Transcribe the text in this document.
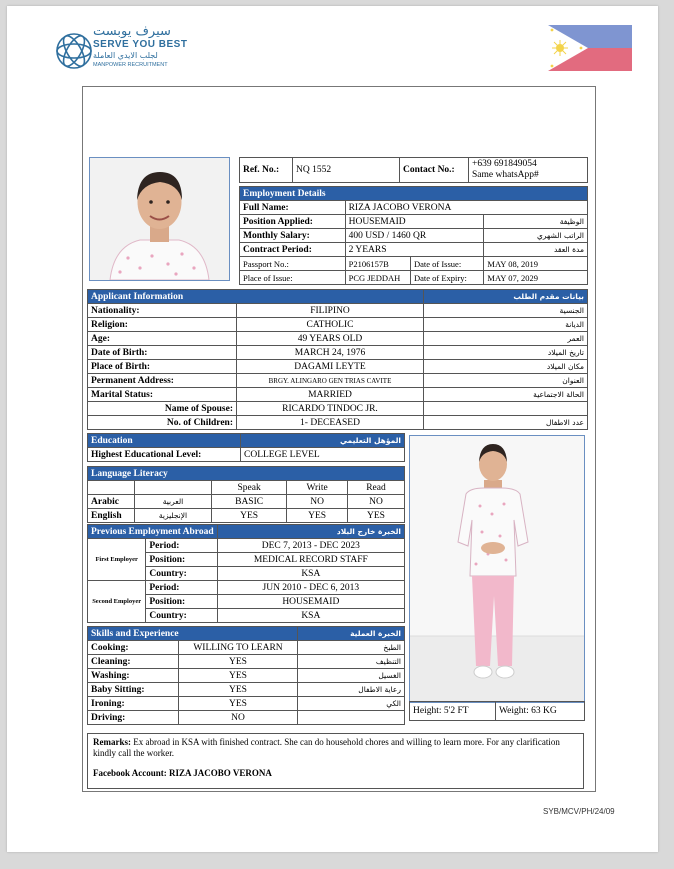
سيرف يوبست
SERVE YOU BEST
لجلب الايدي العاملة
MANPOWER RECRUITMENT
Ref. No.:	NQ 1552	Contact No.:	+639 691849054
Same whatsApp#
Employment Details			
Full Name:	RIZA JACOBO VERONA		
Position Applied:	HOUSEMAID		الوظيفة
Monthly Salary:	400 USD / 1460 QR		الراتب الشهري
Contract Period:	2 YEARS		مدة العقد
Passport No.:	P2106157B	Date of Issue:	MAY 08, 2019
Place of Issue:	PCG JEDDAH	Date of Expiry:	MAY 07, 2029
Applicant Information		بيانات مقدم الطلب
Nationality:	FILIPINO	الجنسية
Religion:	CATHOLIC	الديانة
Age:	49 YEARS OLD	العمر
Date of Birth:	MARCH 24, 1976	تاريخ الميلاد
Place of Birth:	DAGAMI LEYTE	مكان الميلاد
Permanent Address:	BRGY. ALINGARO GEN TRIAS CAVITE	العنوان
Marital Status:	MARRIED	الحالة الاجتماعية
Name of Spouse:	RICARDO TINDOC JR.	
No. of Children:	1- DECEASED	عدد الاطفال
Education	المؤهل التعليمي
Highest Educational Level:	COLLEGE LEVEL
Language Literacy				
		Speak	Write	Read
Arabic	العربية	BASIC	NO	NO
English	الإنجليزية	YES	YES	YES
Previous Employment Abroad		الخبرة خارج البلاد
First Employer	Period:	DEC 7, 2013 - DEC 2023
	Position:	MEDICAL RECORD STAFF
	Country:	KSA
Second Employer	Period:	JUN 2010 - DEC 6, 2013
	Position:	HOUSEMAID
	Country:	KSA
Skills and Experience		الخبرة العملية
Cooking:	WILLING TO LEARN	الطبخ
Cleaning:	YES	التنظيف
Washing:	YES	الغسيل
Baby Sitting:	YES	رعاية الاطفال
Ironing:	YES	الكي
Driving:	NO	
Height: 5'2 FT	Weight: 63 KG
Remarks: Ex abroad in KSA with finished contract. She can do household chores and willing to learn more. For any clarification kindly call the worker.
Facebook Account: RIZA JACOBO VERONA
SYB/MCV/PH/24/09
